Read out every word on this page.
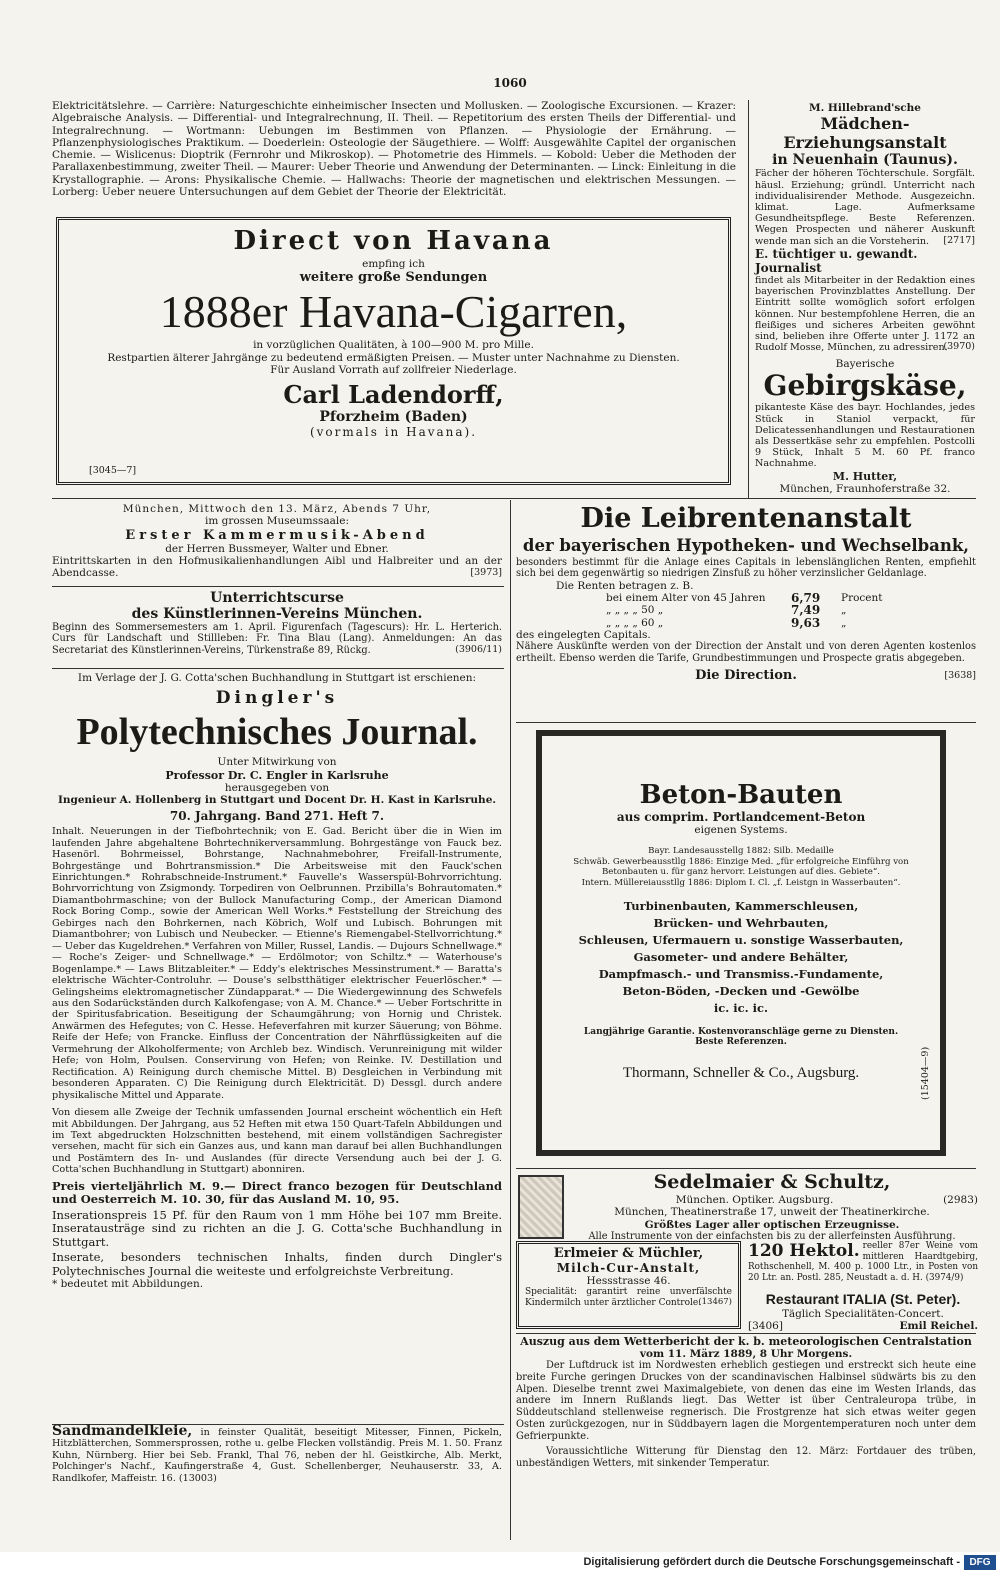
1060

Elektricitätslehre. — Carrière: Naturgeschichte einheimischer Insecten und Mollusken. — Zoologische Excursionen. — Krazer: Algebraische Analysis. — Differential- und Integralrechnung, II. Theil. — Repetitorium des ersten Theils der Differential- und Integralrechnung. — Wortmann: Uebungen im Bestimmen von Pflanzen. — Physiologie der Ernährung. — Pflanzenphysiologisches Praktikum. — Doederlein: Osteologie der Säugethiere. — Wolff: Ausgewählte Capitel der organischen Chemie. — Wislicenus: Dioptrik (Fernrohr und Mikroskop). — Photometrie des Himmels. — Kobold: Ueber die Methoden der Parallaxenbestimmung, zweiter Theil. — Maurer: Ueber Theorie und Anwendung der Determinanten. — Linck: Einleitung in die Krystallographie. — Arons: Physikalische Chemie. — Hallwachs: Theorie der magnetischen und elektrischen Messungen. — Lorberg: Ueber neuere Untersuchungen auf dem Gebiet der Theorie der Elektricität.

Direct von Havana
empfing ich
weitere große Sendungen
1888er Havana-Cigarren,
in vorzüglichen Qualitäten, à 100—900 M. pro Mille.
Restpartien älterer Jahrgänge zu bedeutend ermäßigten Preisen. — Muster unter Nachnahme zu Diensten.
Für Ausland Vorrath auf zollfreier Niederlage.
Carl Ladendorff,
Pforzheim (Baden)
(vormals in Havana).
[3045—7]
M. Hillebrand'sche
Mädchen-Erziehungsanstalt
in Neuenhain (Taunus).

Fächer der höheren Töchterschule. Sorgfält. häusl. Erziehung; gründl. Unterricht nach individualisirender Methode. Ausgezeichn. klimat. Lage. Aufmerksame Gesundheitspflege. Beste Referenzen. Wegen Prospecten und näherer Auskunft wende man sich an die Vorsteherin.	[2717]
E. tüchtiger u. gewandt. Journalist

findet als Mitarbeiter in der Redaktion eines bayerischen Provinzblattes Anstellung. Der Eintritt sollte womöglich sofort erfolgen können. Nur bestempfohlene Herren, die an fleißiges und sicheres Arbeiten gewöhnt sind, belieben ihre Offerte unter J. 1172 an Rudolf Mosse, München, zu adressiren.

(3970)
Bayerische
Gebirgskäse,

pikanteste Käse des bayr. Hochlandes, jedes Stück in Staniol verpackt, für Delicatessenhandlungen und Restaurationen als Dessertkäse sehr zu empfehlen. Postcolli 9 Stück, Inhalt 5 M. 60 Pf. franco Nachnahme.

M. Hutter,
München, Fraunhoferstraße 32.
München, Mittwoch den 13. März, Abends 7 Uhr,
im grossen Museumssaale:
Erster Kammermusik-Abend
der Herren Bussmeyer, Walter und Ebner.

Eintrittskarten in den Hofmusikalienhandlungen Aibl und Halbreiter und an der Abendcasse.	[3973]
Unterrichtscurse
des Künstlerinnen-Vereins München.

Beginn des Sommersemesters am 1. April. Figurenfach (Tagescurs): Hr. L. Herterich. Curs für Landschaft und Stillleben: Fr. Tina Blau (Lang). Anmeldungen: An das Secretariat des Künstlerinnen-Vereins, Türkenstraße 89, Rückg.	(3906/11)
Im Verlage der J. G. Cotta'schen Buchhandlung in Stuttgart ist erschienen:
Dingler's
Polytechnisches Journal.
Unter Mitwirkung von
Professor Dr. C. Engler in Karlsruhe
herausgegeben von
Ingenieur A. Hollenberg in Stuttgart und Docent Dr. H. Kast in Karlsruhe.
70. Jahrgang. Band 271. Heft 7.

Inhalt. Neuerungen in der Tiefbohrtechnik; von E. Gad. Bericht über die in Wien im laufenden Jahre abgehaltene Bohrtechnikerversammlung. Bohrgestänge von Fauck bez. Hasenörl. Bohrmeissel, Bohrstange, Nachnahmebohrer, Freifall-Instrumente, Bohrgestänge und Bohrtransmission.* Die Arbeitsweise mit den Fauck'schen Einrichtungen.* Rohrabschneide-Instrument.* Fauvelle's Wasserspül-Bohrvorrichtung. Bohrvorrichtung von Zsigmondy. Torpediren von Oelbrunnen. Przibilla's Bohrautomaten.* Diamantbohrmaschine; von der Bullock Manufacturing Comp., der American Diamond Rock Boring Comp., sowie der American Well Works.* Feststellung der Streichung des Gebirges nach den Bohrkernen, nach Köbrich, Wolf und Lubisch. Bohrungen mit Diamantbohrer; von Lubisch und Neubecker. — Etienne's Riemengabel-Stellvorrichtung.* — Ueber das Kugeldrehen.* Verfahren von Miller, Russel, Landis. — Dujours Schnellwage.* — Roche's Zeiger- und Schnellwage.* — Erdölmotor; von Schiltz.* — Waterhouse's Bogenlampe.* — Laws Blitzableiter.* — Eddy's elektrisches Messinstrument.* — Baratta's elektrische Wächter-Controluhr. — Douse's selbstthätiger elektrischer Feuerlöscher.* — Gelingsheims elektromagnetischer Zündapparat.* — Die Wiedergewinnung des Schwefels aus den Sodarückständen durch Kalkofengase; von A. M. Chance.* — Ueber Fortschritte in der Spiritusfabrication. Beseitigung der Schaumgährung; von Hornig und Christek. Anwärmen des Hefegutes; von C. Hesse. Hefeverfahren mit kurzer Säuerung; von Böhme. Reife der Hefe; von Francke. Einfluss der Concentration der Nährflüssigkeiten auf die Vermehrung der Alkoholfermente; von Archleb bez. Windisch. Verunreinigung mit wilder Hefe; von Holm, Poulsen. Conservirung von Hefen; von Reinke. IV. Destillation und Rectification. A) Reinigung durch chemische Mittel. B) Desgleichen in Verbindung mit besonderen Apparaten. C) Die Reinigung durch Elektricität. D) Dessgl. durch andere physikalische Mittel und Apparate.

Von diesem alle Zweige der Technik umfassenden Journal erscheint wöchentlich ein Heft mit Abbildungen. Der Jahrgang, aus 52 Heften mit etwa 150 Quart-Tafeln Abbildungen und im Text abgedruckten Holzschnitten bestehend, mit einem vollständigen Sachregister versehen, macht für sich ein Ganzes aus, und kann man darauf bei allen Buchhandlungen und Postämtern des In- und Auslandes (für directe Versendung auch bei der J. G. Cotta'schen Buchhandlung in Stuttgart) abonniren.

Preis vierteljährlich M. 9.— Direct franco bezogen für Deutschland und Oesterreich M. 10. 30, für das Ausland M. 10, 95.

Inserationspreis 15 Pf. für den Raum von 1 mm Höhe bei 107 mm Breite. Inseratausträge sind zu richten an die J. G. Cotta'sche Buchhandlung in Stuttgart.

Inserate, besonders technischen Inhalts, finden durch Dingler's Polytechnisches Journal die weiteste und erfolgreichste Verbreitung.

* bedeutet mit Abbildungen.

Sandmandelkleie, in feinster Qualität, beseitigt Mitesser, Finnen, Pickeln, Hitzblätterchen, Sommersprossen, rothe u. gelbe Flecken vollständig. Preis M. 1. 50. Franz Kuhn, Nürnberg. Hier bei Seb. Frankl, Thal 76, neben der hl. Geistkirche, Alb. Merkt, Polchinger's Nachf., Kaufingerstraße 4, Gust. Schellenberger, Neuhauserstr. 33, A. Randlkofer, Maffeistr. 16. (13003)

Die Leibrentenanstalt
der bayerischen Hypotheken- und Wechselbank,

besonders bestimmt für die Anlage eines Capitals in lebenslänglichen Renten, empfiehlt sich bei dem gegenwärtig so niedrigen Zinsfuß zu höher verzinslicher Geldanlage.

Die Renten betragen z. B.
bei einem Alter von 45 Jahren	6,79	Procent
„ „ „ „ 50 „	7,49	„
„ „ „ „ 60 „	9,63	„
des eingelegten Capitals.

Nähere Auskünfte werden von der Direction der Anstalt und von deren Agenten kostenlos ertheilt. Ebenso werden die Tarife, Grundbestimmungen und Prospecte gratis abgegeben.

Die Direction.	[3638]
Beton-Bauten
aus comprim. Portlandcement-Beton
eigenen Systems.
Bayr. Landesausstellg 1882: Silb. Medaille
Schwäb. Gewerbeausstllg 1886: Einzige Med. „für erfolgreiche Einführg von Betonbauten u. für ganz hervorr. Leistungen auf dies. Gebiete“.
Intern. Müllereiausstllg 1886: Diplom I. Cl. „f. Leistgn in Wasserbauten“.
Turbinenbauten, Kammerschleusen,
Brücken- und Wehrbauten,
Schleusen, Ufermauern u. sonstige Wasserbauten,
Gasometer- und andere Behälter,
Dampfmasch.- und Transmiss.-Fundamente,
Beton-Böden, -Decken und -Gewölbe
ic. ic. ic.
Langjährige Garantie. Kostenvoranschläge gerne zu Diensten. Beste Referenzen.
Thormann, Schneller & Co., Augsburg.	(15404—9)
Sedelmaier & Schultz,
München. Optiker. Augsburg.	(2983)
München, Theatinerstraße 17, unweit der Theatinerkirche.
Größtes Lager aller optischen Erzeugnisse.
Alle Instrumente von der einfachsten bis zu der allerfeinsten Ausführung.
Erlmeier & Müchler,
Milch-Cur-Anstalt,
Hessstrasse 46.

Specialität: garantirt reine unverfälschte Kindermilch unter ärztlicher Controle.

(13467)

120 Hektol. reeller 87er Weine vom mittleren Haardtgebirg, Rothschenhell, M. 400 p. 1000 Ltr., in Posten von 20 Ltr. an. Postl. 285, Neustadt a. d. H. (3974/9)

Restaurant ITALIA (St. Peter).
Täglich Specialitäten-Concert.
[3406]	Emil Reichel.
Auszug aus dem Wetterbericht der k. b. meteorologischen Centralstation
vom 11. März 1889, 8 Uhr Morgens.

Der Luftdruck ist im Nordwesten erheblich gestiegen und erstreckt sich heute eine breite Furche geringen Druckes von der scandinavischen Halbinsel südwärts bis zu den Alpen. Dieselbe trennt zwei Maximalgebiete, von denen das eine im Westen Irlands, das andere im Innern Rußlands liegt. Das Wetter ist über Centraleuropa trübe, in Süddeutschland stellenweise regnerisch. Die Frostgrenze hat sich etwas weiter gegen Osten zurückgezogen, nur in Süddbayern lagen die Morgentemperaturen noch unter dem Gefrierpunkte.

Voraussichtliche Witterung für Dienstag den 12. März: Fortdauer des trüben, unbeständigen Wetters, mit sinkender Temperatur.

Digitalisierung gefördert durch die Deutsche Forschungsgemeinschaft - DFG
